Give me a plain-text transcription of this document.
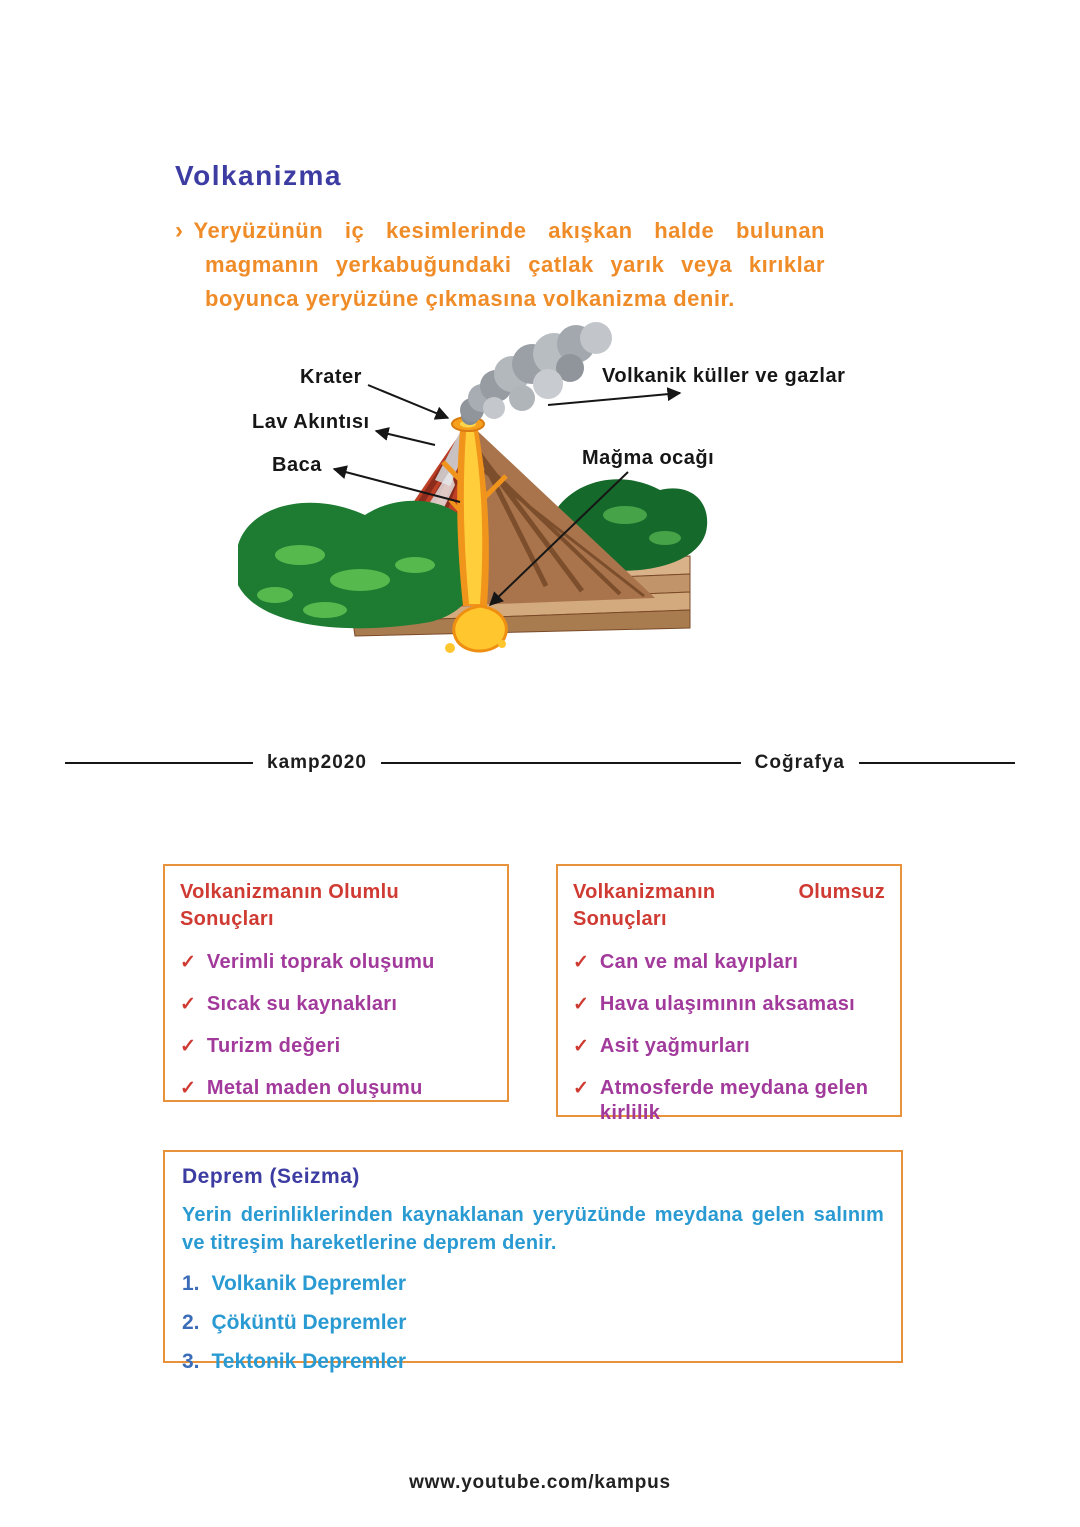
Volkanizma
› Yeryüzünün iç kesimlerinde akışkan halde bulunan magmanın yerkabuğundaki çatlak yarık veya kırıklar boyunca yeryüzüne çıkmasına volkanizma denir.
Krater
Lav Akıntısı
Baca
Volkanik küller ve gazlar
Mağma ocağı
kamp2020	Coğrafya
Volkanizmanın Olumlu Sonuçları
✓ Verimli toprak oluşumu
✓ Sıcak su kaynakları
✓ Turizm değeri
✓ Metal maden oluşumu
Volkanizmanın Olumsuz Sonuçları
✓ Can ve mal kayıpları
✓ Hava ulaşımının aksaması
✓ Asit yağmurları
✓ Atmosferde meydana gelen kirlilik
Deprem (Seizma)
Yerin derinliklerinden kaynaklanan yeryüzünde meydana gelen salınım ve titreşim hareketlerine deprem denir.
1. Volkanik Depremler
2. Çöküntü Depremler
3. Tektonik Depremler
www.youtube.com/kampus
